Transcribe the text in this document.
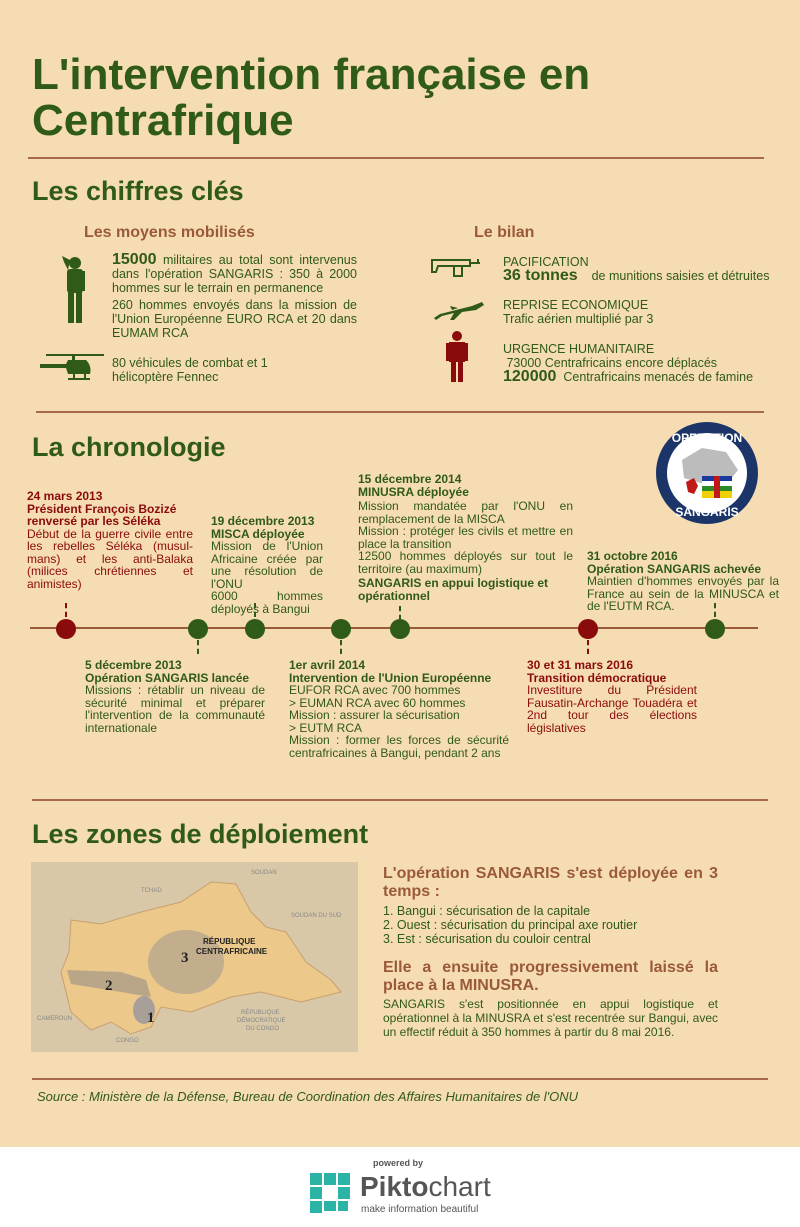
L'intervention française en Centrafrique
Les chiffres clés
Les moyens mobilisés	Le bilan
15000 militaires au total sont intervenus dans l'opération SANGARIS : 350 à 2000 hommes sur le terrain en permanence
260 hommes envoyés dans la mission de l'Union Européenne EURO RCA et 20 dans EUMAM RCA
80 véhicules de combat et 1 hélicoptère Fennec
PACIFICATION
36 tonnes de munitions saisies et détruites
REPRISE ECONOMIQUE
Trafic aérien multiplié par 3
URGENCE HUMANITAIRE
73000 Centrafricains encore déplacés
120000 Centrafricains menacés de famine
La chronologie	OPERATION
SANGARIS
24 mars 2013
Président François Bozizé renversé par les Séléka
Début de la guerre civile entre les rebelles Séléka (musul-mans) et les anti-Balaka (milices chrétiennes et animistes)
5 décembre 2013
Opération SANGARIS lancée
Missions : rétablir un niveau de sécurité minimal et préparer l'intervention de la communauté internationale
19 décembre 2013
MISCA déployée
Mission de l'Union Africaine créée par une résolution de l'ONU
6000 hommes déployés à Bangui
1er avril 2014
Intervention de l'Union Européenne
EUFOR RCA avec 700 hommes
> EUMAN RCA avec 60 hommes
Mission : assurer la sécurisation
> EUTM RCA
Mission : former les forces de sécurité centrafricaines à Bangui, pendant 2 ans
15 décembre 2014
MINUSRA déployée
Mission mandatée par l'ONU en remplacement de la MISCA
Mission : protéger les civils et mettre en place la transition
12500 hommes déployés sur tout le territoire (au maximum)
SANGARIS en appui logistique et opérationnel
30 et 31 mars 2016
Transition démocratique
Investiture du Président Fausatin-Archange Touadéra et 2nd tour des élections législatives
31 octobre 2016
Opération SANGARIS achevée
Maintien d'hommes envoyés par la France au sein de la MINUSCA et de l'EUTM RCA.
Les zones de déploiement
TCHAD
SOUDAN
SOUDAN DU SUD
RÉPUBLIQUE
CENTRAFRICAINE
CAMEROUN
CONGO
RÉPUBLIQUE
DÉMOCRATIQUE
DU CONGO
1
2
3
L'opération SANGARIS s'est déployée en 3 temps :
1. Bangui : sécurisation de la capitale
2. Ouest : sécurisation du principal axe routier
3. Est : sécurisation du couloir central
Elle a ensuite progressivement laissé la place à la MINUSRA.
SANGARIS s'est positionnée en appui logistique et opérationnel à la MINUSRA et s'est recentrée sur Bangui, avec un effectif réduit à 350 hommes à partir du 8 mai 2016.
Source : Ministère de la Défense, Bureau de Coordination des Affaires Humanitaires de l'ONU
powered by
Piktochart
make information beautiful
